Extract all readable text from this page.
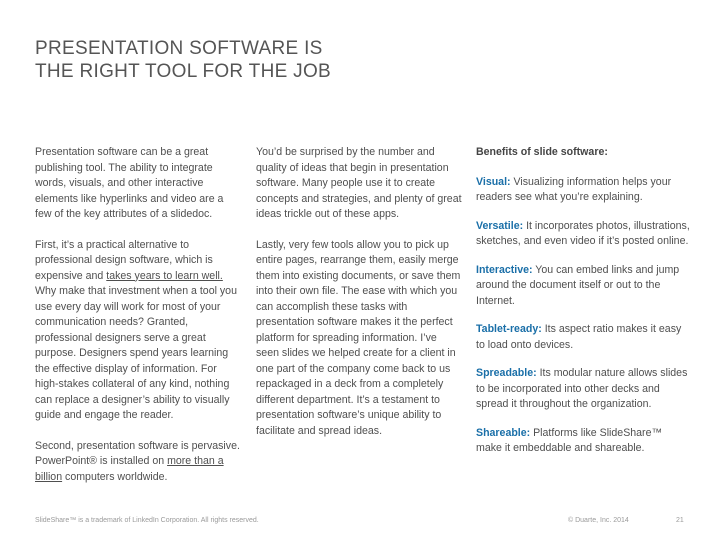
PRESENTATION SOFTWARE IS
THE RIGHT TOOL FOR THE JOB

Presentation software can be a great publishing tool. The ability to integrate words, visuals, and other interactive elements like hyperlinks and video are a few of the key attributes of a slidedoc.

First, it’s a practical alternative to professional design software, which is expensive and takes years to learn well. Why make that investment when a tool you use every day will work for most of your communication needs? Granted, professional designers serve a great purpose. Designers spend years learning the effective display of information. For high-stakes collateral of any kind, nothing can replace a designer’s ability to visually guide and engage the reader.

Second, presentation software is pervasive. PowerPoint® is installed on more than a billion computers worldwide.

You’d be surprised by the number and quality of ideas that begin in presentation software. Many people use it to create concepts and strategies, and plenty of great ideas trickle out of these apps.

Lastly, very few tools allow you to pick up entire pages, rearrange them, easily merge them into existing documents, or save them into their own file. The ease with which you can accomplish these tasks with presentation software makes it the perfect platform for spreading information. I’ve seen slides we helped create for a client in one part of the company come back to us repackaged in a deck from a completely different department. It’s a testament to presentation software’s unique ability to facilitate and spread ideas.

Benefits of slide software:
Visual: Visualizing information helps your readers see what you’re explaining.
Versatile: It incorporates photos, illustrations, sketches, and even video if it’s posted online.
Interactive: You can embed links and jump around the document itself or out to the Internet.
Tablet-ready: Its aspect ratio makes it easy to load onto devices.
Spreadable: Its modular nature allows slides to be incorporated into other decks and spread it throughout the organization.
Shareable: Platforms like SlideShare™ make it embeddable and shareable.
SlideShare™ is a trademark of LinkedIn Corporation. All rights reserved.	© Duarte, Inc. 2014	21
